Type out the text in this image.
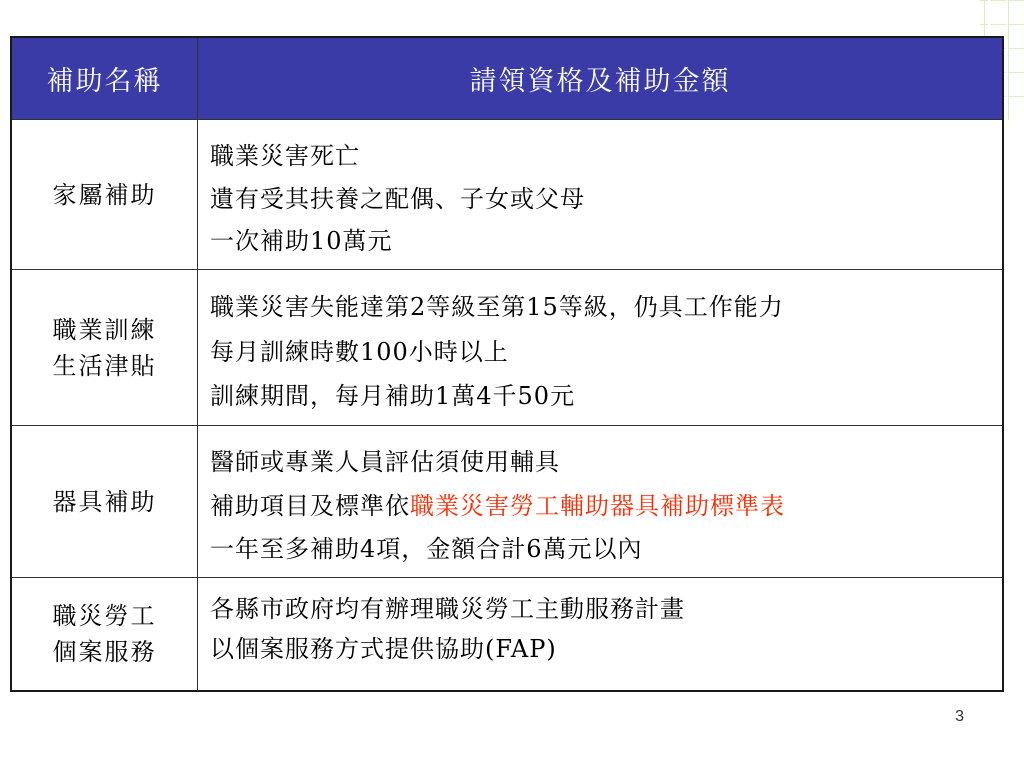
補助名稱	請領資格及補助金額
家屬補助
職業災害死亡
遺有受其扶養之配偶、子女或父母
一次補助10萬元
職業訓練
生活津貼
職業災害失能達第2等級至第15等級，仍具工作能力
每月訓練時數100小時以上
訓練期間，每月補助1萬4千50元
器具補助
醫師或專業人員評估須使用輔具
補助項目及標準依職業災害勞工輔助器具補助標準表
一年至多補助4項，金額合計6萬元以內
職災勞工
個案服務
各縣市政府均有辦理職災勞工主動服務計畫
以個案服務方式提供協助(FAP)
3
